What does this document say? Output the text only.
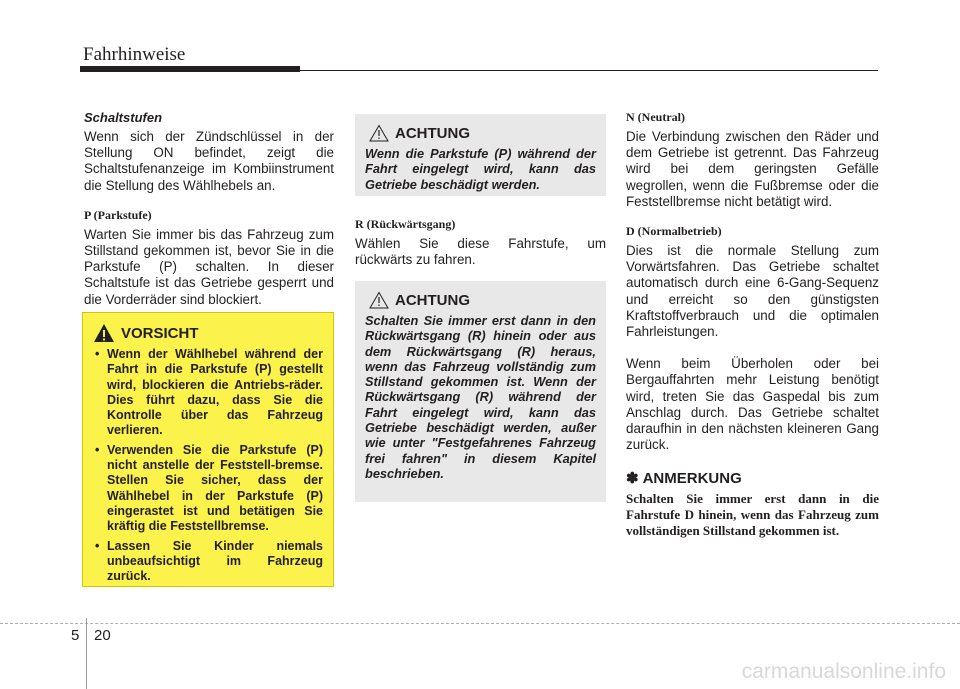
Fahrhinweise

Schaltstufen

Wenn sich der Zündschlüssel in der Stellung ON befindet, zeigt die Schaltstufenanzeige im Kombiinstrument die Stellung des Wählhebels an.

P (Parkstufe)

Warten Sie immer bis das Fahrzeug zum Stillstand gekommen ist, bevor Sie in die Parkstufe (P) schalten. In dieser Schaltstufe ist das Getriebe gesperrt und die Vorderräder sind blockiert.

VORSICHT
• Wenn der Wählhebel während der Fahrt in die Parkstufe (P) gestellt wird, blockieren die Antriebs-räder. Dies führt dazu, dass Sie die Kontrolle über das Fahrzeug verlieren.
• Verwenden Sie die Parkstufe (P) nicht anstelle der Feststell-bremse. Stellen Sie sicher, dass der Wählhebel in der Parkstufe (P) eingerastet ist und betätigen Sie kräftig die Feststellbremse.
• Lassen Sie Kinder niemals unbeaufsichtigt im Fahrzeug zurück.
ACHTUNG

Wenn die Parkstufe (P) während der Fahrt eingelegt wird, kann das Getriebe beschädigt werden.

R (Rückwärtsgang)

Wählen Sie diese Fahrstufe, um rückwärts zu fahren.

ACHTUNG

Schalten Sie immer erst dann in den Rückwärtsgang (R) hinein oder aus dem Rückwärtsgang (R) heraus, wenn das Fahrzeug vollständig zum Stillstand gekommen ist. Wenn der Rückwärtsgang (R) während der Fahrt eingelegt wird, kann das Getriebe beschädigt werden, außer wie unter "Festgefahrenes Fahrzeug frei fahren" in diesem Kapitel beschrieben.

N (Neutral)

Die Verbindung zwischen den Räder und dem Getriebe ist getrennt. Das Fahrzeug wird bei dem geringsten Gefälle wegrollen, wenn die Fußbremse oder die Feststellbremse nicht betätigt wird.

D (Normalbetrieb)

Dies ist die normale Stellung zum Vorwärtsfahren. Das Getriebe schaltet automatisch durch eine 6-Gang-Sequenz und erreicht so den günstigsten Kraftstoffverbrauch und die optimalen Fahrleistungen.

Wenn beim Überholen oder bei Bergauffahrten mehr Leistung benötigt wird, treten Sie das Gaspedal bis zum Anschlag durch. Das Getriebe schaltet daraufhin in den nächsten kleineren Gang zurück.

✽ ANMERKUNG

Schalten Sie immer erst dann in die Fahrstufe D hinein, wenn das Fahrzeug zum vollständigen Stillstand gekommen ist.

5 20
carmanualsonline.info
